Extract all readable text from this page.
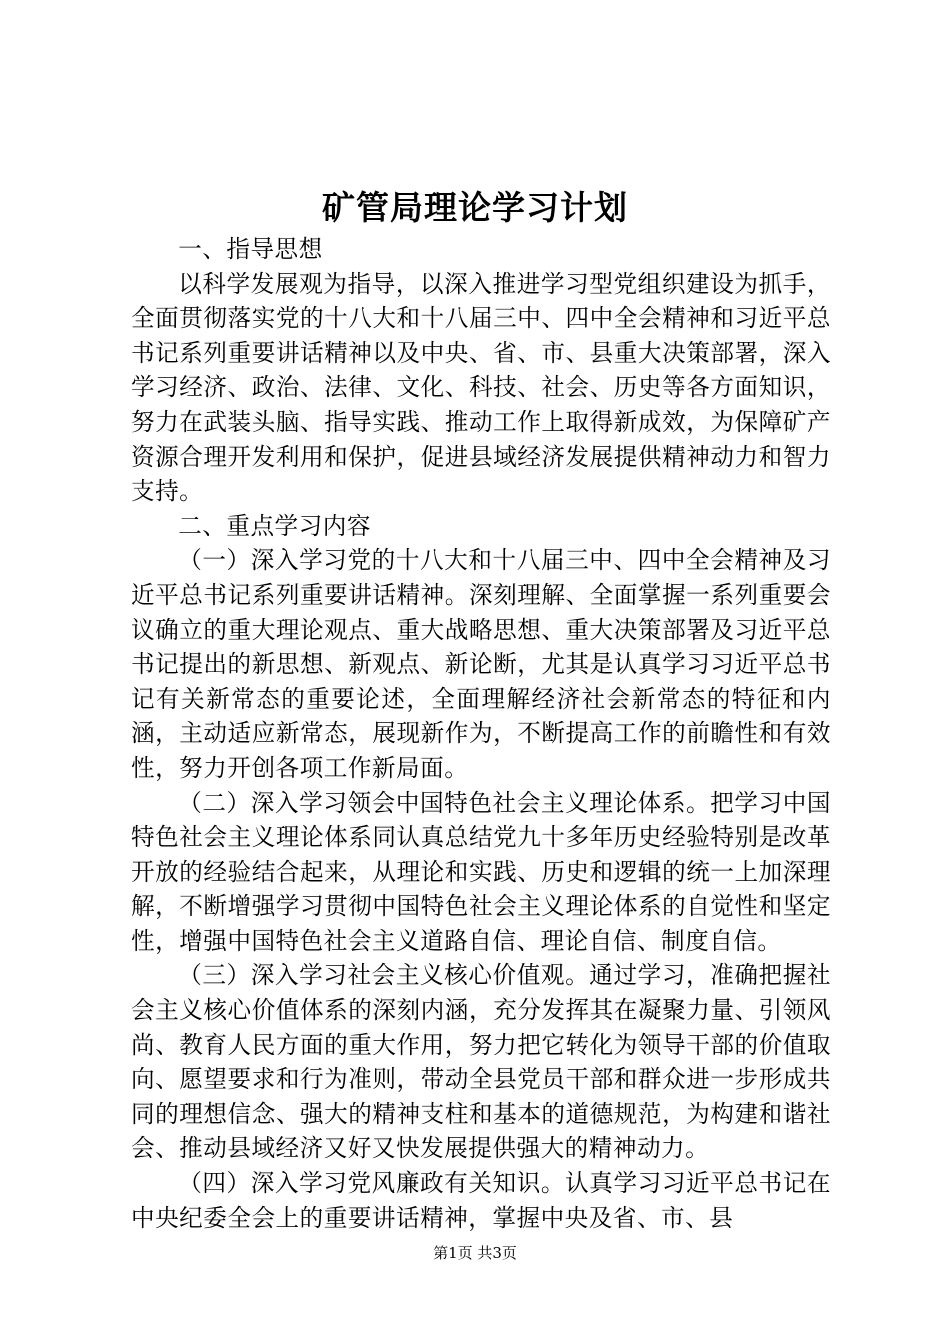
矿管局理论学习计划

一、指导思想

以科学发展观为指导，以深入推进学习型党组织建设为抓手，全面贯彻落实党的十八大和十八届三中、四中全会精神和习近平总书记系列重要讲话精神以及中央、省、市、县重大决策部署，深入学习经济、政治、法律、文化、科技、社会、历史等各方面知识，努力在武装头脑、指导实践、推动工作上取得新成效，为保障矿产资源合理开发利用和保护，促进县域经济发展提供精神动力和智力支持。

二、重点学习内容

（一）深入学习党的十八大和十八届三中、四中全会精神及习近平总书记系列重要讲话精神。深刻理解、全面掌握一系列重要会议确立的重大理论观点、重大战略思想、重大决策部署及习近平总书记提出的新思想、新观点、新论断，尤其是认真学习习近平总书记有关新常态的重要论述，全面理解经济社会新常态的特征和内涵，主动适应新常态，展现新作为，不断提高工作的前瞻性和有效性，努力开创各项工作新局面。

（二）深入学习领会中国特色社会主义理论体系。把学习中国特色社会主义理论体系同认真总结党九十多年历史经验特别是改革开放的经验结合起来，从理论和实践、历史和逻辑的统一上加深理解，不断增强学习贯彻中国特色社会主义理论体系的自觉性和坚定性，增强中国特色社会主义道路自信、理论自信、制度自信。

（三）深入学习社会主义核心价值观。通过学习，准确把握社会主义核心价值体系的深刻内涵，充分发挥其在凝聚力量、引领风尚、教育人民方面的重大作用，努力把它转化为领导干部的价值取向、愿望要求和行为准则，带动全县党员干部和群众进一步形成共同的理想信念、强大的精神支柱和基本的道德规范，为构建和谐社会、推动县域经济又好又快发展提供强大的精神动力。

（四）深入学习党风廉政有关知识。认真学习习近平总书记在中央纪委全会上的重要讲话精神，掌握中央及省、市、县

第1页 共3页
